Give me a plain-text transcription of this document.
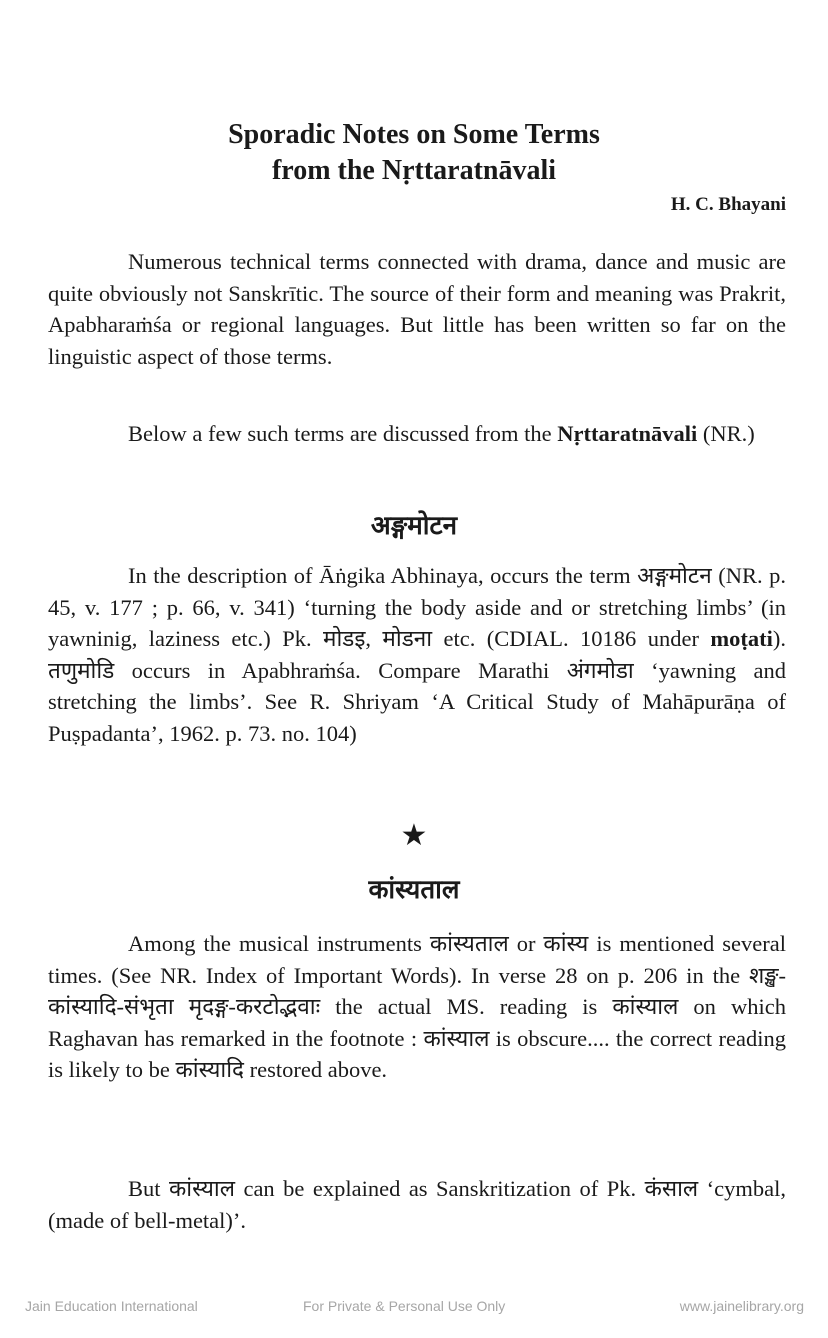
Sporadic Notes on Some Terms
from the Nṛttaratnāvali
H. C. Bhayani

Numerous technical terms connected with drama, dance and music are quite obviously not Sanskrītic. The source of their form and meaning was Prakrit, Apabharaṁśa or regional languages. But little has been written so far on the linguistic aspect of those terms.

Below a few such terms are discussed from the Nṛttaratnāvali (NR.)

अङ्गमोटन

In the description of Āṅgika Abhinaya, occurs the term अङ्गमोटन (NR. p. 45, v. 177 ; p. 66, v. 341) ‘turning the body aside and or stretching limbs’ (in yawninig, laziness etc.) Pk. मोडइ, मोडना etc. (CDIAL. 10186 under moṭati). तणुमोडि occurs in Apabhraṁśa. Compare Marathi अंगमोडा ‘yawning and stretching the limbs’. See R. Shriyam ‘A Critical Study of Mahāpurāṇa of Puṣpadanta’, 1962. p. 73. no. 104)

★
कांस्यताल

Among the musical instruments कांस्यताल or कांस्य is mentioned several times. (See NR. Index of Important Words). In verse 28 on p. 206 in the शङ्ख-कांस्यादि-संभृता मृदङ्ग-करटोद्भवाः the actual MS. reading is कांस्याल on which Raghavan has remarked in the footnote : कांस्याल is obscure.... the correct reading is likely to be कांस्यादि restored above.

But कांस्याल can be explained as Sanskritization of Pk. कंसाल ‘cymbal, (made of bell-metal)’.

Jain Education International	For Private & Personal Use Only	www.jainelibrary.org
